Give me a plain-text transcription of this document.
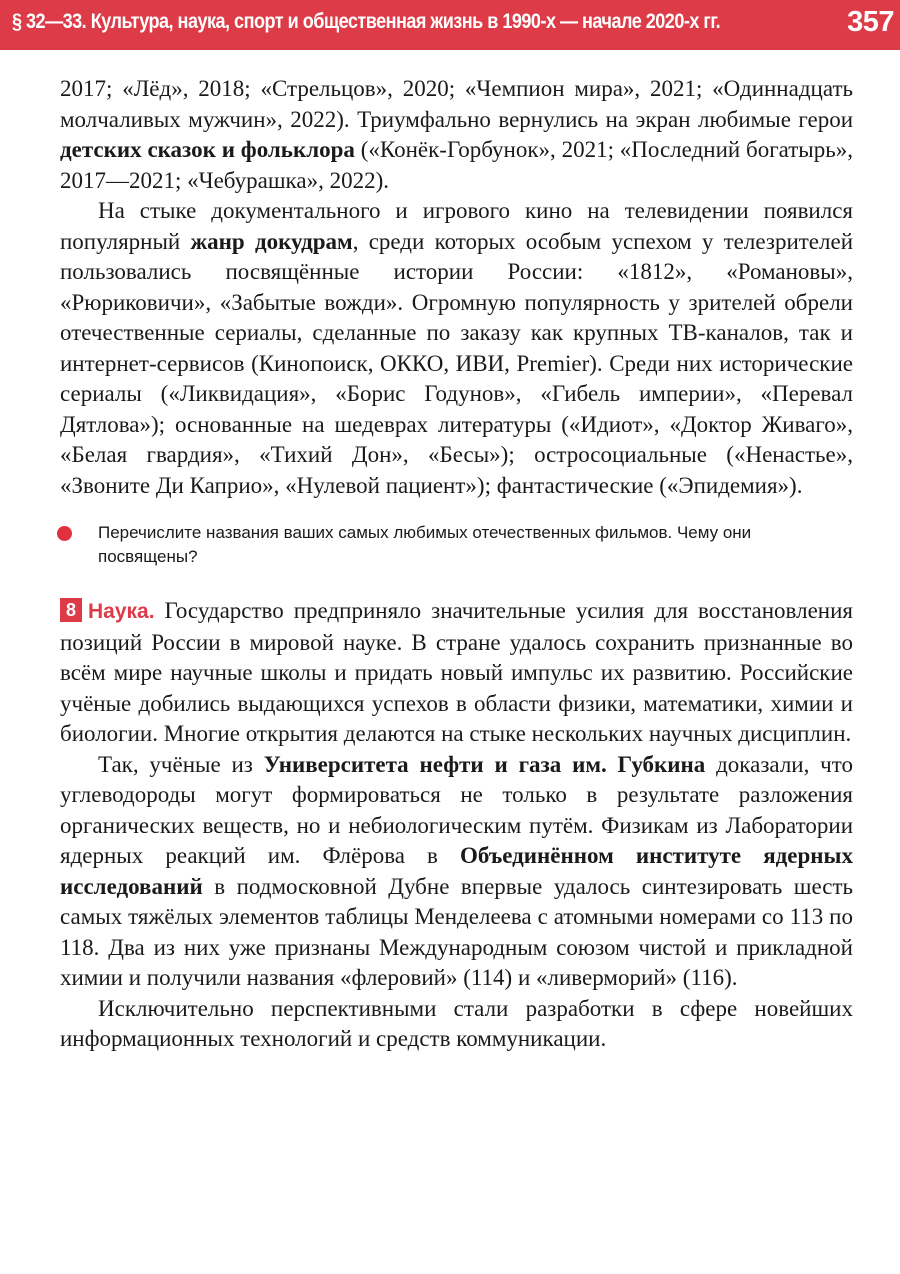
§ 32—33. Культура, наука, спорт и общественная жизнь в 1990-х — начале 2020-х гг.	357

2017; «Лёд», 2018; «Стрельцов», 2020; «Чемпион мира», 2021; «Одиннадцать молчаливых мужчин», 2022). Триумфально вернулись на экран любимые герои детских сказок и фольклора («Конёк-Горбунок», 2021; «Последний богатырь», 2017—2021; «Чебурашка», 2022).

На стыке документального и игрового кино на телевидении появился популярный жанр докудрам, среди которых особым успехом у телезрителей пользовались посвящённые истории России: «1812», «Романовы», «Рюриковичи», «Забытые вожди». Огромную популярность у зрителей обрели отечественные сериалы, сделанные по заказу как крупных ТВ-каналов, так и интернет-сервисов (Кинопоиск, ОККО, ИВИ, Premier). Среди них исторические сериалы («Ликвидация», «Борис Годунов», «Гибель империи», «Перевал Дятлова»); основанные на шедеврах литературы («Идиот», «Доктор Живаго», «Белая гвардия», «Тихий Дон», «Бесы»); остросоциальные («Ненастье», «Звоните Ди Каприо», «Нулевой пациент»); фантастические («Эпидемия»).

Перечислите названия ваших самых любимых отечественных фильмов. Чему они посвящены?

8 Наука. Государство предприняло значительные усилия для восстановления позиций России в мировой науке. В стране удалось сохранить признанные во всём мире научные школы и придать новый импульс их развитию. Российские учёные добились выдающихся успехов в области физики, математики, химии и биологии. Многие открытия делаются на стыке нескольких научных дисциплин.

Так, учёные из Университета нефти и газа им. Губкина доказали, что углеводороды могут формироваться не только в результате разложения органических веществ, но и небиологическим путём. Физикам из Лаборатории ядерных реакций им. Флёрова в Объединённом институте ядерных исследований в подмосковной Дубне впервые удалось синтезировать шесть самых тяжёлых элементов таблицы Менделеева с атомными номерами со 113 по 118. Два из них уже признаны Международным союзом чистой и прикладной химии и получили названия «флеровий» (114) и «ливерморий» (116).

Исключительно перспективными стали разработки в сфере новейших информационных технологий и средств коммуникации.
